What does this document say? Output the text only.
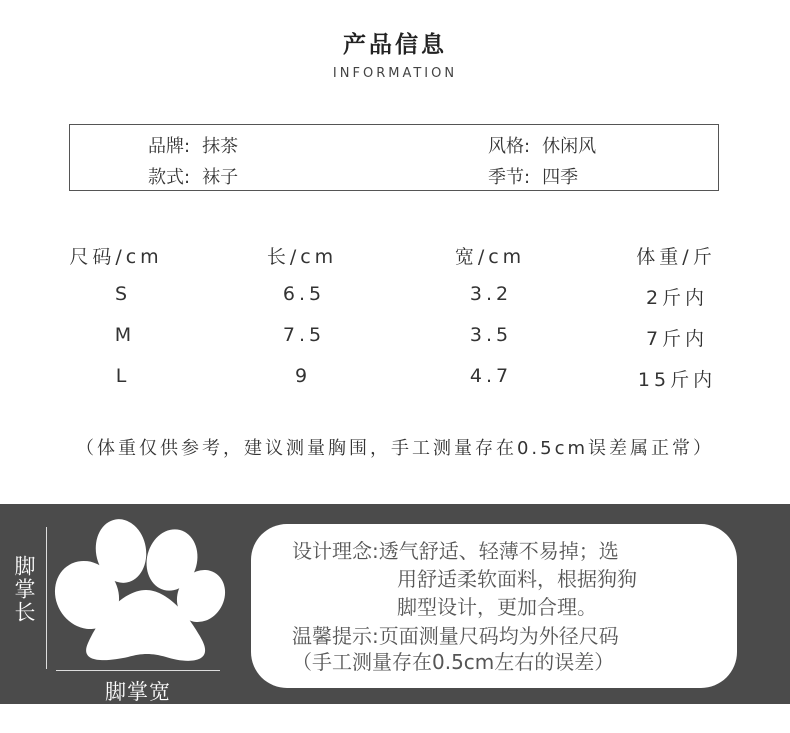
产品信息
INFORMATION
品牌: 抹茶	风格: 休闲风
款式: 袜子	季节: 四季
尺码/cm	长/cm	宽/cm	体重/斤
S	6.5	3.2	2斤内
M	7.5	3.5	7斤内
L	9	4.7	15斤内
（体重仅供参考，建议测量胸围，手工测量存在0.5cm误差属正常）
脚掌长
脚掌宽
设计理念:透气舒适、轻薄不易掉；选
用舒适柔软面料，根据狗狗
脚型设计，更加合理。
温馨提示:页面测量尺码均为外径尺码
（手工测量存在0.5cm左右的误差）
